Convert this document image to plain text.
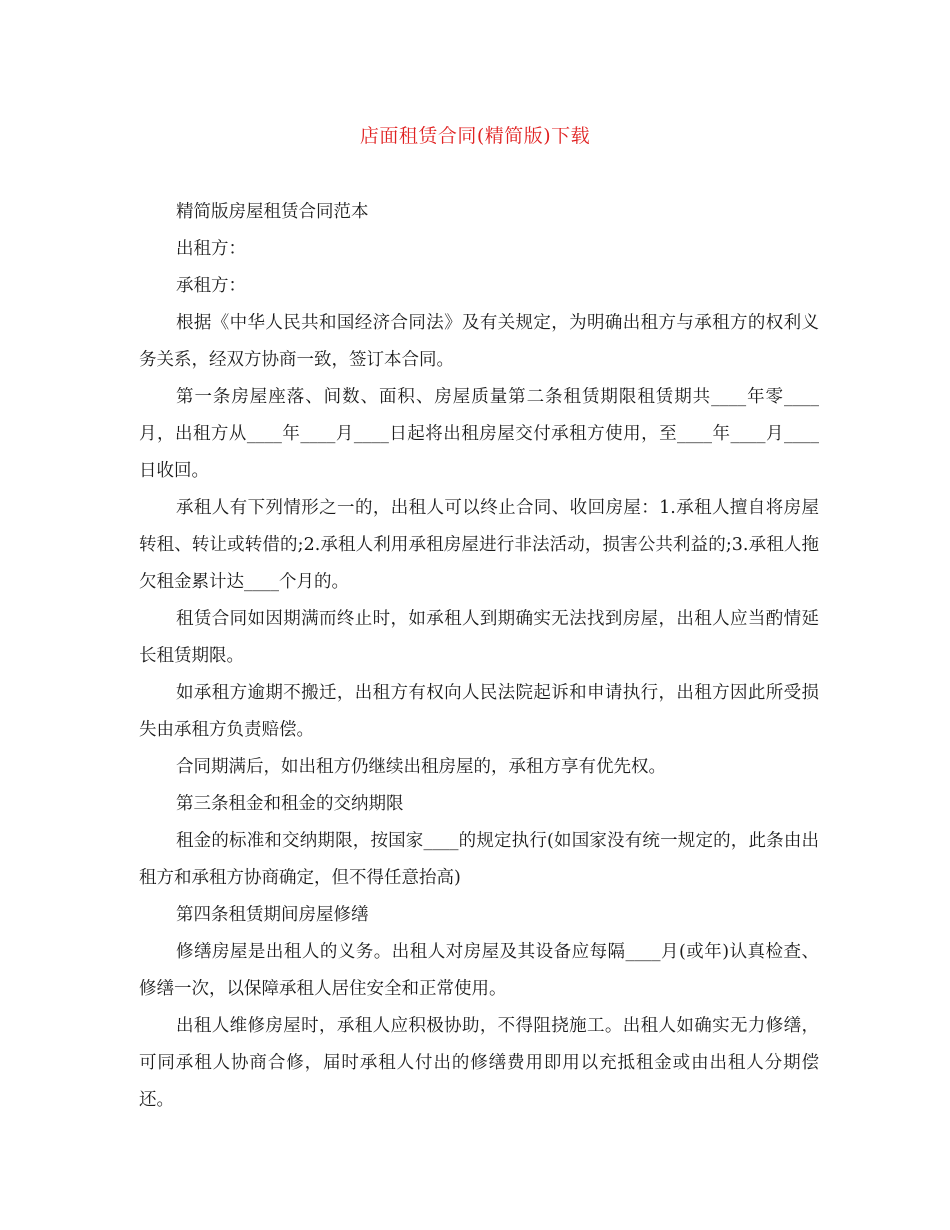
店面租赁合同(精简版)下载

精简版房屋租赁合同范本

出租方：

承租方：

根据《中华人民共和国经济合同法》及有关规定，为明确出租方与承租方的权利义务关系，经双方协商一致，签订本合同。

第一条房屋座落、间数、面积、房屋质量第二条租赁期限租赁期共____年零____月，出租方从____年____月____日起将出租房屋交付承租方使用，至____年____月____日收回。

承租人有下列情形之一的，出租人可以终止合同、收回房屋：1.承租人擅自将房屋转租、转让或转借的;2.承租人利用承租房屋进行非法活动，损害公共利益的;3.承租人拖欠租金累计达____个月的。

租赁合同如因期满而终止时，如承租人到期确实无法找到房屋，出租人应当酌情延长租赁期限。

如承租方逾期不搬迁，出租方有权向人民法院起诉和申请执行，出租方因此所受损失由承租方负责赔偿。

合同期满后，如出租方仍继续出租房屋的，承租方享有优先权。

第三条租金和租金的交纳期限

租金的标准和交纳期限，按国家____的规定执行(如国家没有统一规定的，此条由出租方和承租方协商确定，但不得任意抬高)

第四条租赁期间房屋修缮

修缮房屋是出租人的义务。出租人对房屋及其设备应每隔____月(或年)认真检查、修缮一次，以保障承租人居住安全和正常使用。

出租人维修房屋时，承租人应积极协助，不得阻挠施工。出租人如确实无力修缮，可同承租人协商合修，届时承租人付出的修缮费用即用以充抵租金或由出租人分期偿还。
